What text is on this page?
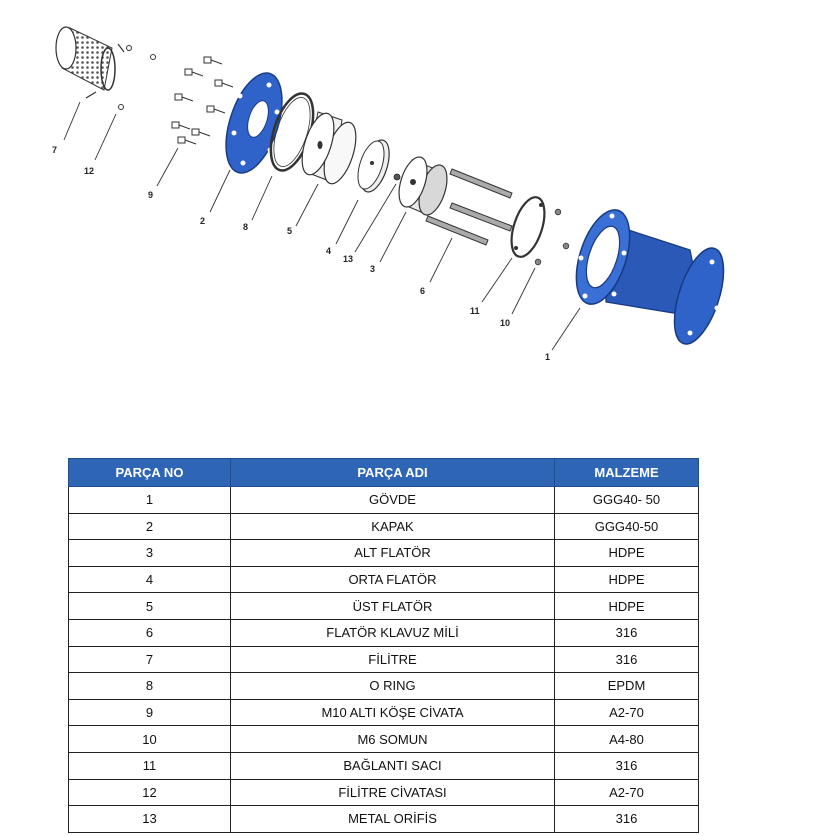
7
12
9
2
8	5
4
13
3
6
11
10
1
PARÇA NO	PARÇA ADI	MALZEME
1	GÖVDE	GGG40- 50
2	KAPAK	GGG40-50
3	ALT FLATÖR	HDPE
4	ORTA FLATÖR	HDPE
5	ÜST FLATÖR	HDPE
6	FLATÖR KLAVUZ MİLİ	316
7	FİLİTRE	316
8	O RING	EPDM
9	M10 ALTI KÖŞE CİVATA	A2-70
10	M6 SOMUN	A4-80
11	BAĞLANTI SACI	316
12	FİLİTRE CİVATASI	A2-70
13	METAL ORİFİS	316
